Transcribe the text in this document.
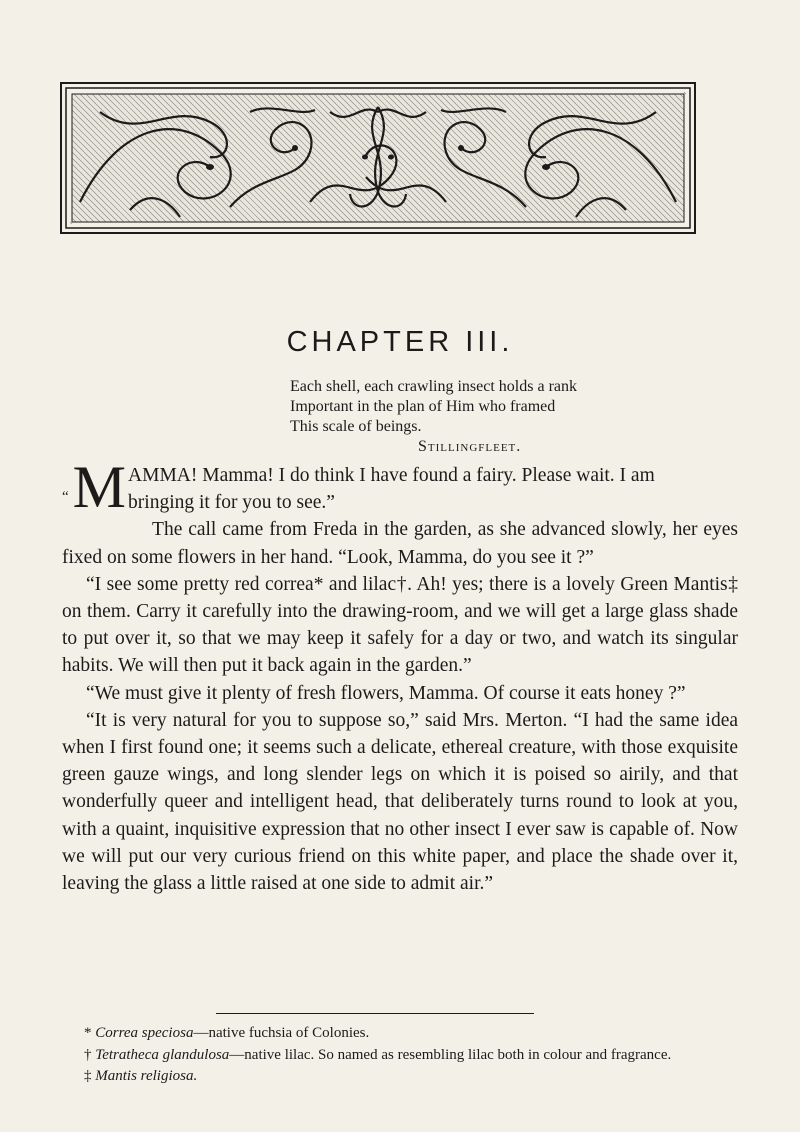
CHAPTER III.
Each shell, each crawling insect holds a rank
Important in the plan of Him who framed
This scale of beings.
Stillingfleet.
“M AMMA! Mamma! I do think I have found a fairy. Please wait. I am
bringing it for you to see.”

The call came from Freda in the garden, as she advanced slowly, her eyes fixed on some flowers in her hand. “Look, Mamma, do you see it ?”

“I see some pretty red correa* and lilac†. Ah! yes; there is a lovely Green Mantis‡ on them. Carry it carefully into the drawing-room, and we will get a large glass shade to put over it, so that we may keep it safely for a day or two, and watch its singular habits. We will then put it back again in the garden.”

“We must give it plenty of fresh flowers, Mamma. Of course it eats honey ?”

“It is very natural for you to suppose so,” said Mrs. Merton. “I had the same idea when I first found one; it seems such a delicate, ethereal creature, with those exquisite green gauze wings, and long slender legs on which it is poised so airily, and that wonderfully queer and intelligent head, that deliberately turns round to look at you, with a quaint, inquisitive expression that no other insect I ever saw is capable of. Now we will put our very curious friend on this white paper, and place the shade over it, leaving the glass a little raised at one side to admit air.”

* Correa speciosa—native fuchsia of Colonies.

† Tetratheca glandulosa—native lilac. So named as resembling lilac both in colour and fragrance.

‡ Mantis religiosa.
